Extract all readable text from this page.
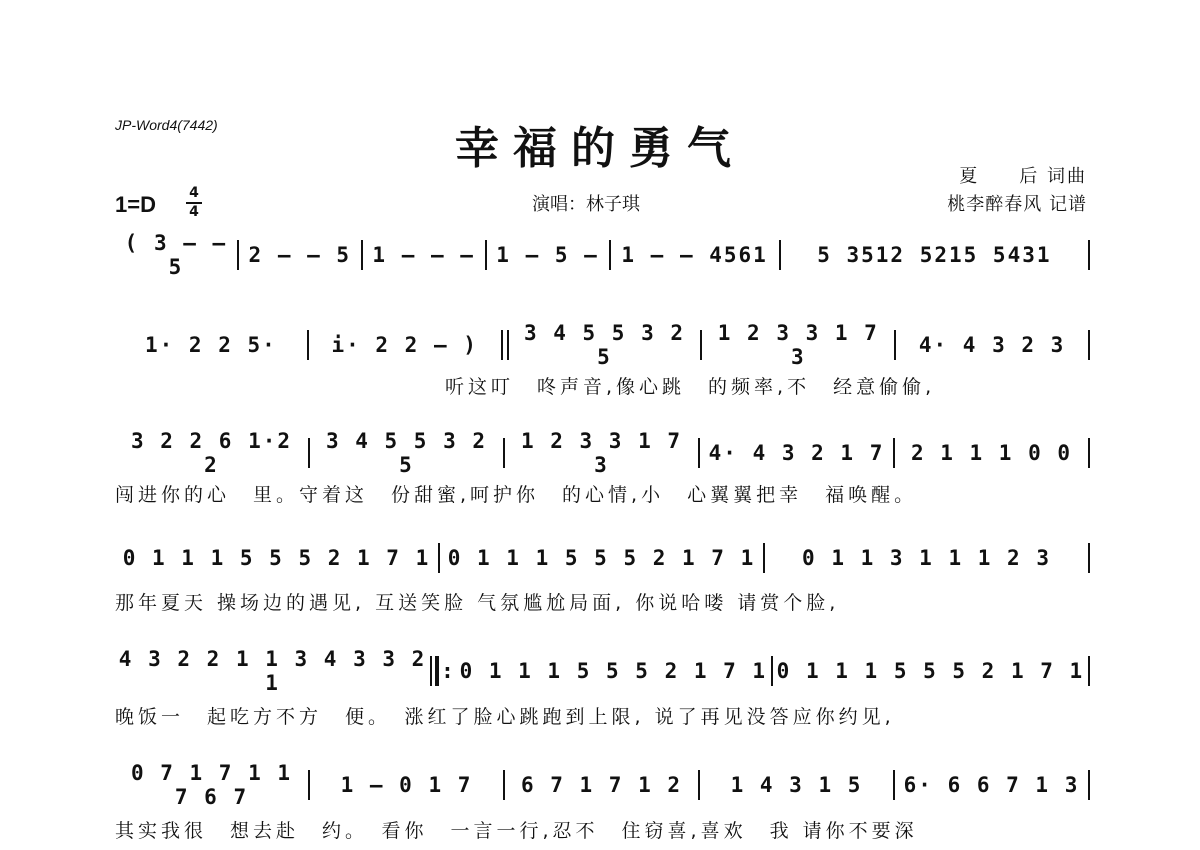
JP-Word4(7442)	幸福的勇气
夏　　后 词曲
桃李醉春风 记谱
演唱：林子琪
1=D 4
4
( 3 – – 5	2 – – 5	1 – – –	1 – 5 –	1 – – 4561	5 3512 5215 5431
1· 2 2 5·	i· 2 2 – )	3 4 5 5 3 2 5
1 2 3 3 1 7 3	4· 4 3 2 3
听这叮　咚声音,像心跳　的频率,不　经意偷偷,
3 2 2 6 1·2 2
3 4 5 5 3 2 5
1 2 3 3 1 7 3	4· 4 3 2 1 7	2 1 1 1 0 0
闯进你的心　里。守着这　份甜蜜,呵护你　的心情,小　心翼翼把幸　福唤醒。
0 1 1 1 5 5 5 2 1 7 1 0 1 1 1 5 5 5 2 1 7 1	0 1 1 3 1 1 1 2 3
那年夏天 操场边的遇见, 互送笑脸 气氛尴尬局面, 你说哈喽 请赏个脸,
4 3 2 2 1 1 3 4 3 3 2 1	: 0 1 1 1 5 5 5 2 1 7 1 0 1 1 1 5 5 5 2 1 7 1
晚饭一　起吃方不方　便。　涨红了脸心跳跑到上限, 说了再见没答应你约见,
0 7 1 7 1 1 7 6 7	1 – 0 1 7	6 7 1 7 1 2	1 4 3 1 5	6· 6 6 7 1 3
其实我很　想去赴　约。　看你　一言一行,忍不　住窃喜,喜欢　我 请你不要深
